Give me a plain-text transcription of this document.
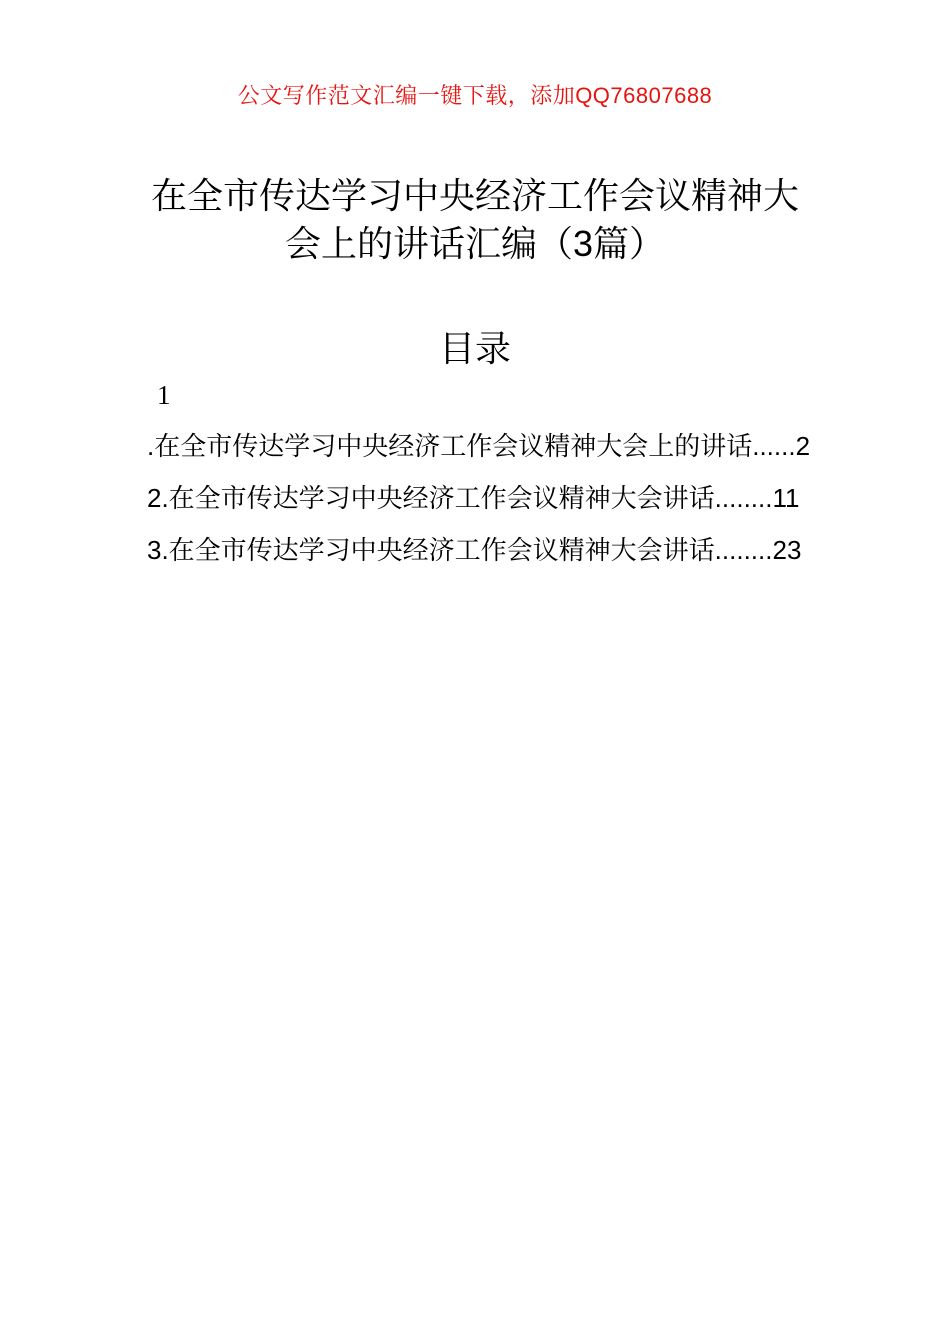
公文写作范文汇编一键下载，添加QQ76807688
在全市传达学习中央经济工作会议精神大
会上的讲话汇编（3篇）
目录
1
.在全市传达学习中央经济工作会议精神大会上的讲话......2
2.在全市传达学习中央经济工作会议精神大会讲话........11
3.在全市传达学习中央经济工作会议精神大会讲话........23
